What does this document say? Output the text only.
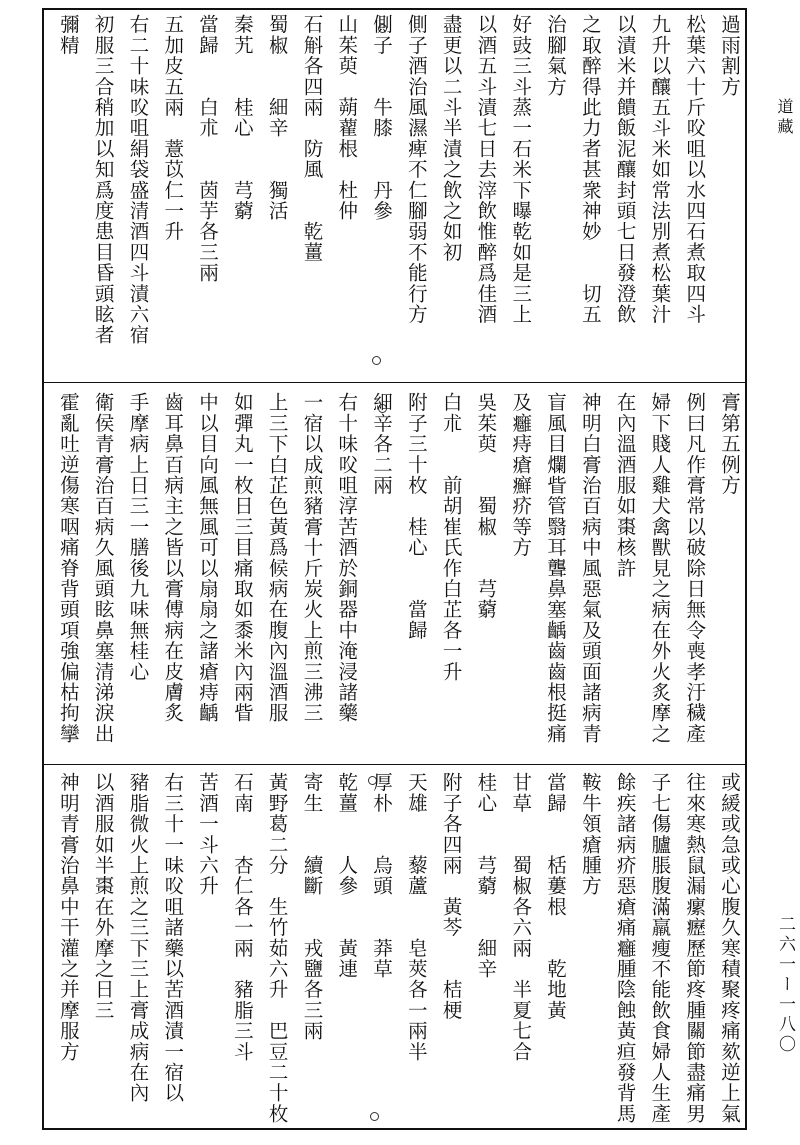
道藏
二六一ー一八〇
過雨割方
松葉六十斤㕮咀以水四石煮取四斗
九升以釀五斗米如常法別煮松葉汁
以漬米并饋飯泥釀封頭七日發澄飲
之取醉得此力者甚衆神妙　　切五
治腳氣方
好豉三斗蒸一石米下曝乾如是三上
以酒五斗漬七日去滓飲惟醉爲佳酒
盡更以二斗半漬之飲之如初
側子酒治風濕痺不仁腳弱不能行方
側子　　牛膝　　丹參
山茱萸　蒴藋根　杜仲
石斛各四兩　防風　　乾薑
蜀椒　　細辛　　獨活
秦艽　　桂心　　芎藭
當歸　　白朮　　茵芋各三兩
五加皮五兩　薏苡仁一升
右二十味㕮咀絹袋盛清酒四斗漬六宿
初服三合稍加以知爲度患目昏頭眩者
彌精
膏第五例方
例曰凡作膏常以破除日無令喪孝汙穢產
婦下賤人雞犬禽獸見之病在外火炙摩之
在內溫酒服如棗核許
神明白膏治百病中風惡氣及頭面諸病青
盲風目爛眥管翳耳聾鼻塞齲齒齒根挺痛
及癰痔瘡癬疥等方
吳茱萸　　蜀椒　　芎藭
白朮　　前胡崔氏作白芷各一升
附子三十枚　桂心　　當歸
細辛各二兩
右十味㕮咀淳苦酒於銅器中淹浸諸藥
一宿以成煎豬膏十斤炭火上煎三沸三
上三下白芷色黃爲候病在腹內溫酒服
如彈丸一枚日三目痛取如黍米內兩眥
中以目向風無風可以扇扇之諸瘡痔齲
齒耳鼻百病主之皆以膏傅病在皮膚炙
手摩病上日三一膳後九味無桂心
衛侯青膏治百病久風頭眩鼻塞清涕淚出
霍亂吐逆傷寒咽痛脊背頭項強偏枯拘攣
或緩或急或心腹久寒積聚疼痛欬逆上氣
往來寒熱鼠漏瘰癧歷節疼腫關節盡痛男
子七傷臚脹腹滿羸瘦不能飲食婦人生產
餘疾諸病疥惡瘡痛癰腫陰蝕黃疸發背馬
鞍牛領瘡腫方
當歸　　栝蔞根　　乾地黃
甘草　　蜀椒各六兩　半夏七合
桂心　　芎藭　　細辛
附子各四兩　黃芩　　桔梗
天雄　　藜蘆　　皂莢各一兩半
厚朴　　烏頭　　莽草
乾薑　　人參　　黃連
寄生　　續斷　　戎鹽各三兩
黃野葛二分　生竹茹六升　巴豆二十枚
石南　　杏仁各一兩　豬脂三斗
苦酒一斗六升
右三十一味㕮咀諸藥以苦酒漬一宿以
豬脂微火上煎之三下三上膏成病在內
以酒服如半棗在外摩之日三
神明青膏治鼻中干灌之并摩服方
